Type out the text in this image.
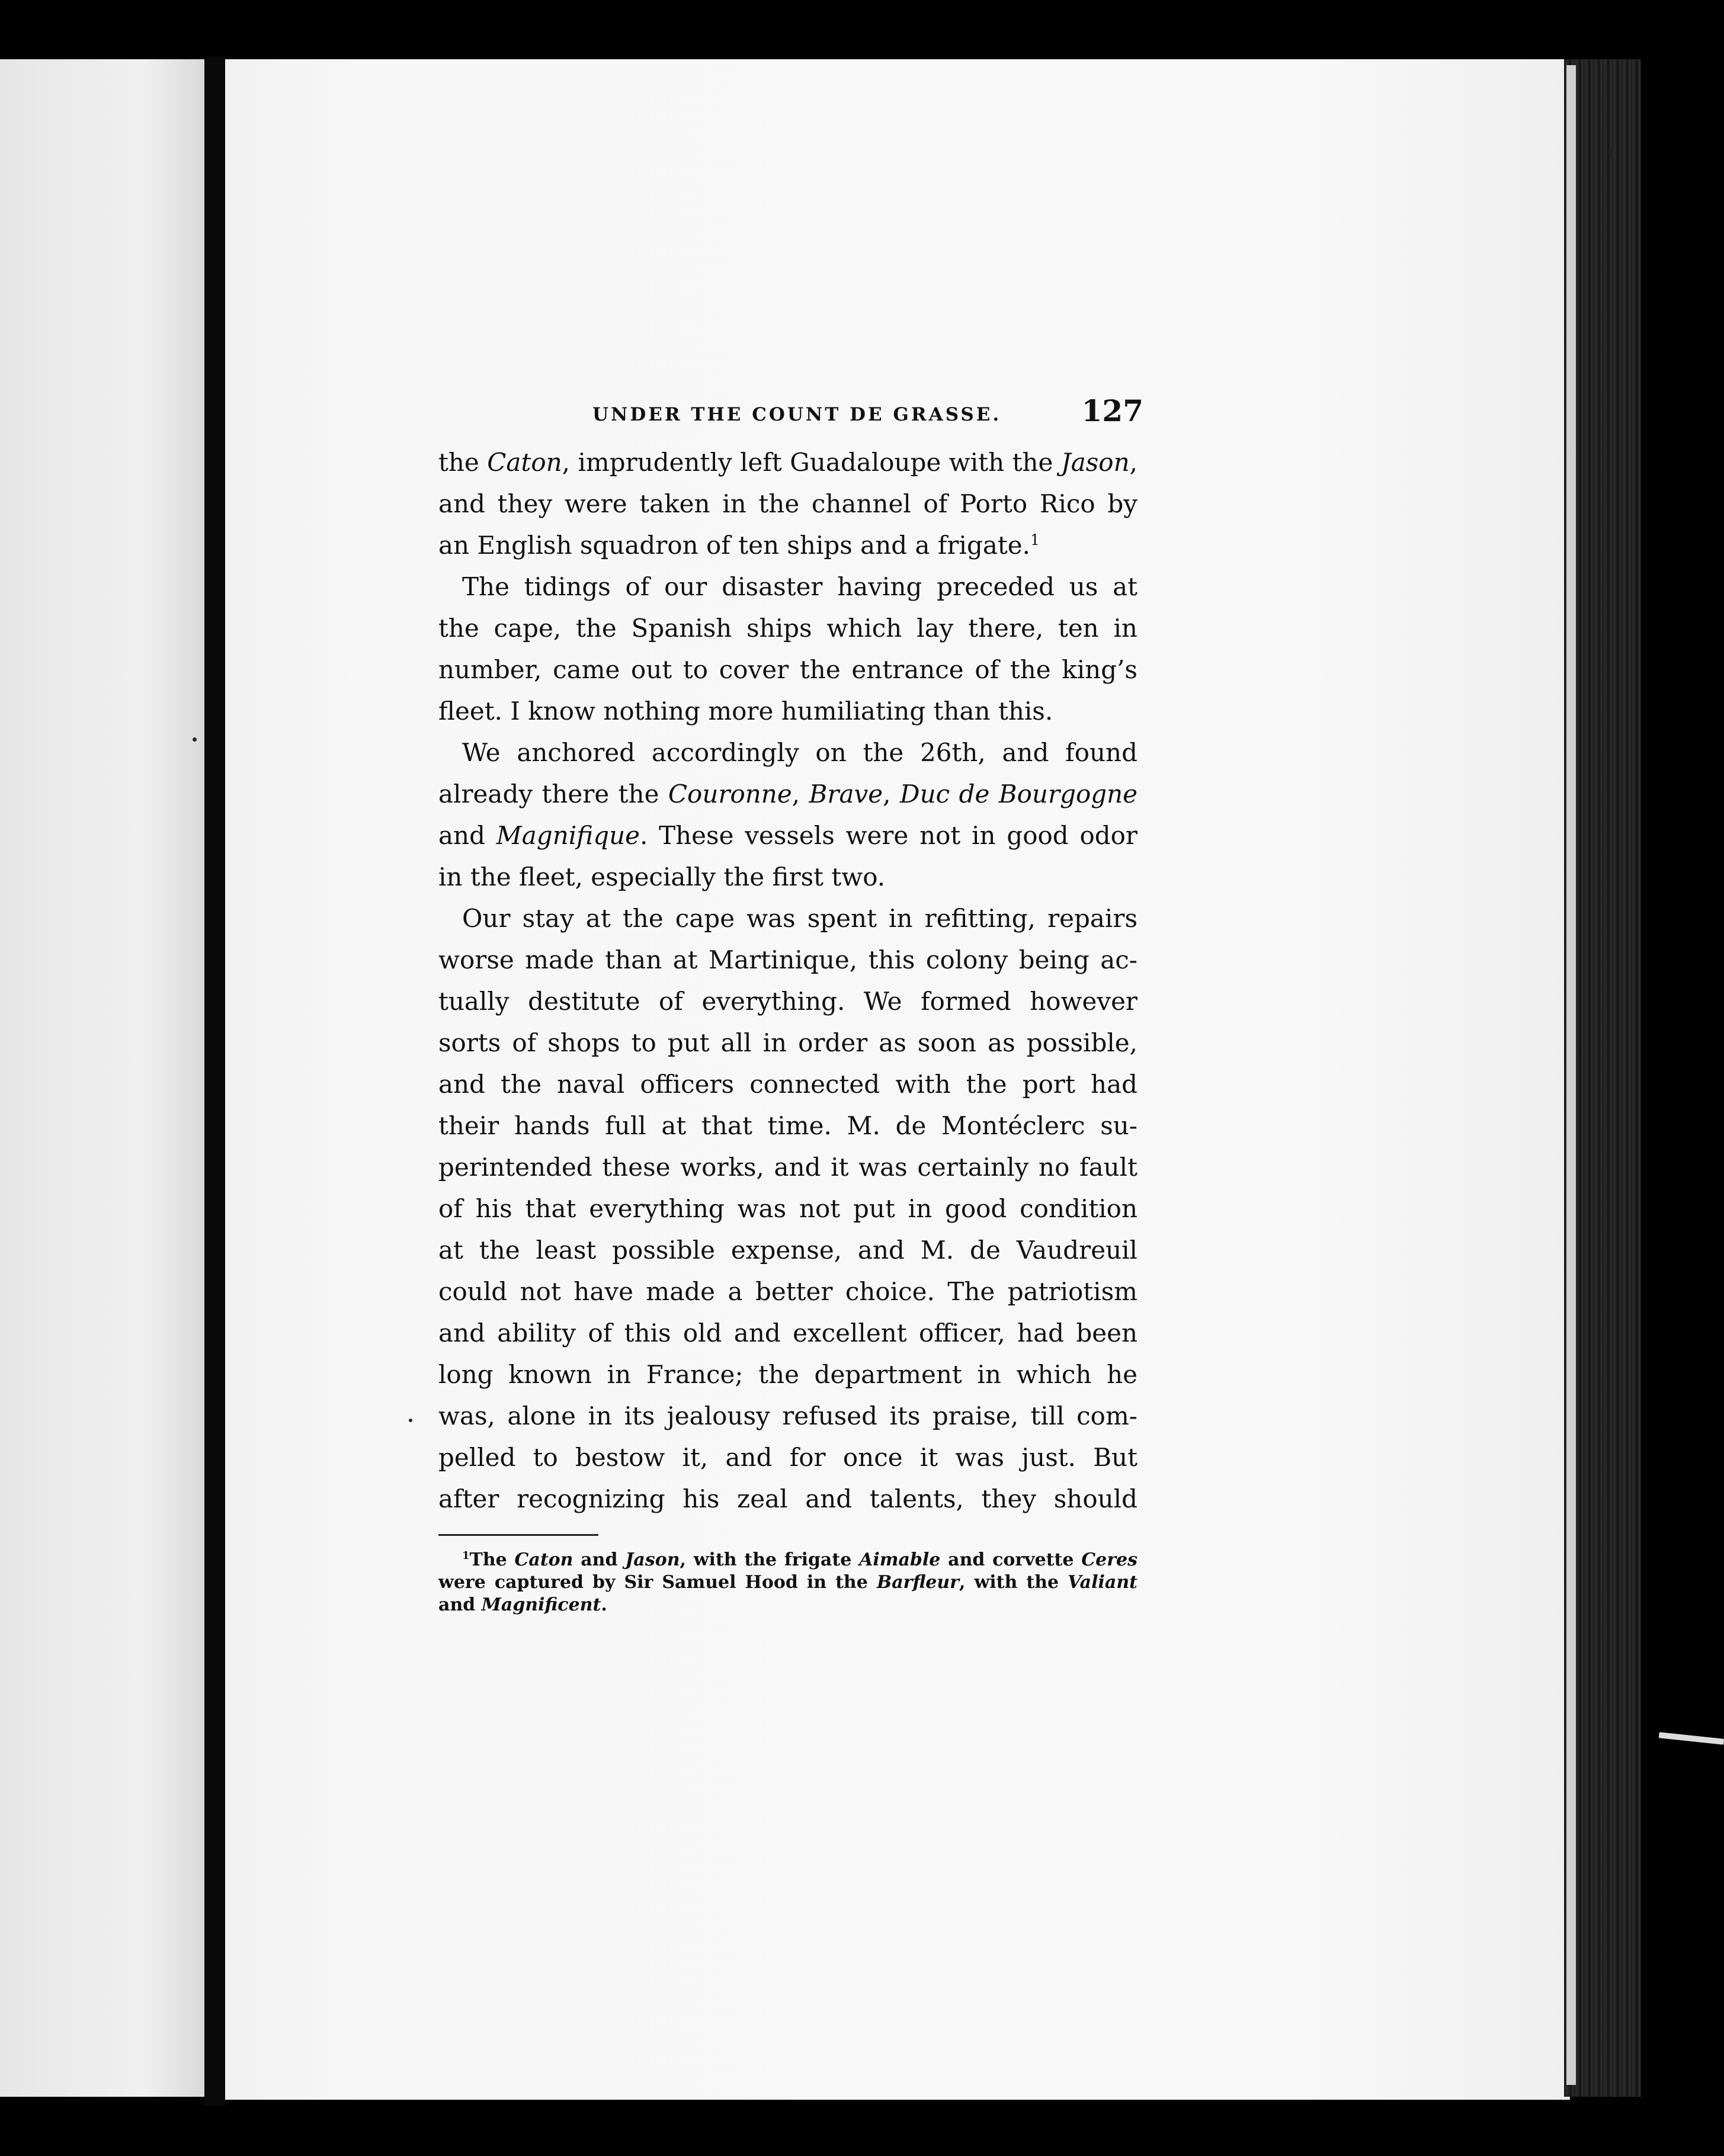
UNDER THE COUNT DE GRASSE.	127
the Caton, imprudently left Guadaloupe with the Jason,
and they were taken in the channel of Porto Rico by
an English squadron of ten ships and a frigate.$^1$
The tidings of our disaster having preceded us at
the cape, the Spanish ships which lay there, ten in
number, came out to cover the entrance of the king’s
fleet. I know nothing more humiliating than this.
We anchored accordingly on the 26th, and found
already there the Couronne, Brave, Duc de Bourgogne
and Magnifique. These vessels were not in good odor
in the fleet, especially the first two.
Our stay at the cape was spent in refitting, repairs
worse made than at Martinique, this colony being ac-
tually destitute of everything. We formed however
sorts of shops to put all in order as soon as possible,
and the naval officers connected with the port had
their hands full at that time. M. de Montéclerc su-
perintended these works, and it was certainly no fault
of his that everything was not put in good condition
at the least possible expense, and M. de Vaudreuil
could not have made a better choice. The patriotism
and ability of this old and excellent officer, had been
long known in France; the department in which he
was, alone in its jealousy refused its praise, till com-
pelled to bestow it, and for once it was just. But
after recognizing his zeal and talents, they should
$^1$The Caton and Jason, with the frigate Aimable and corvette Ceres
were captured by Sir Samuel Hood in the Barfleur, with the Valiant
and Magnificent.
